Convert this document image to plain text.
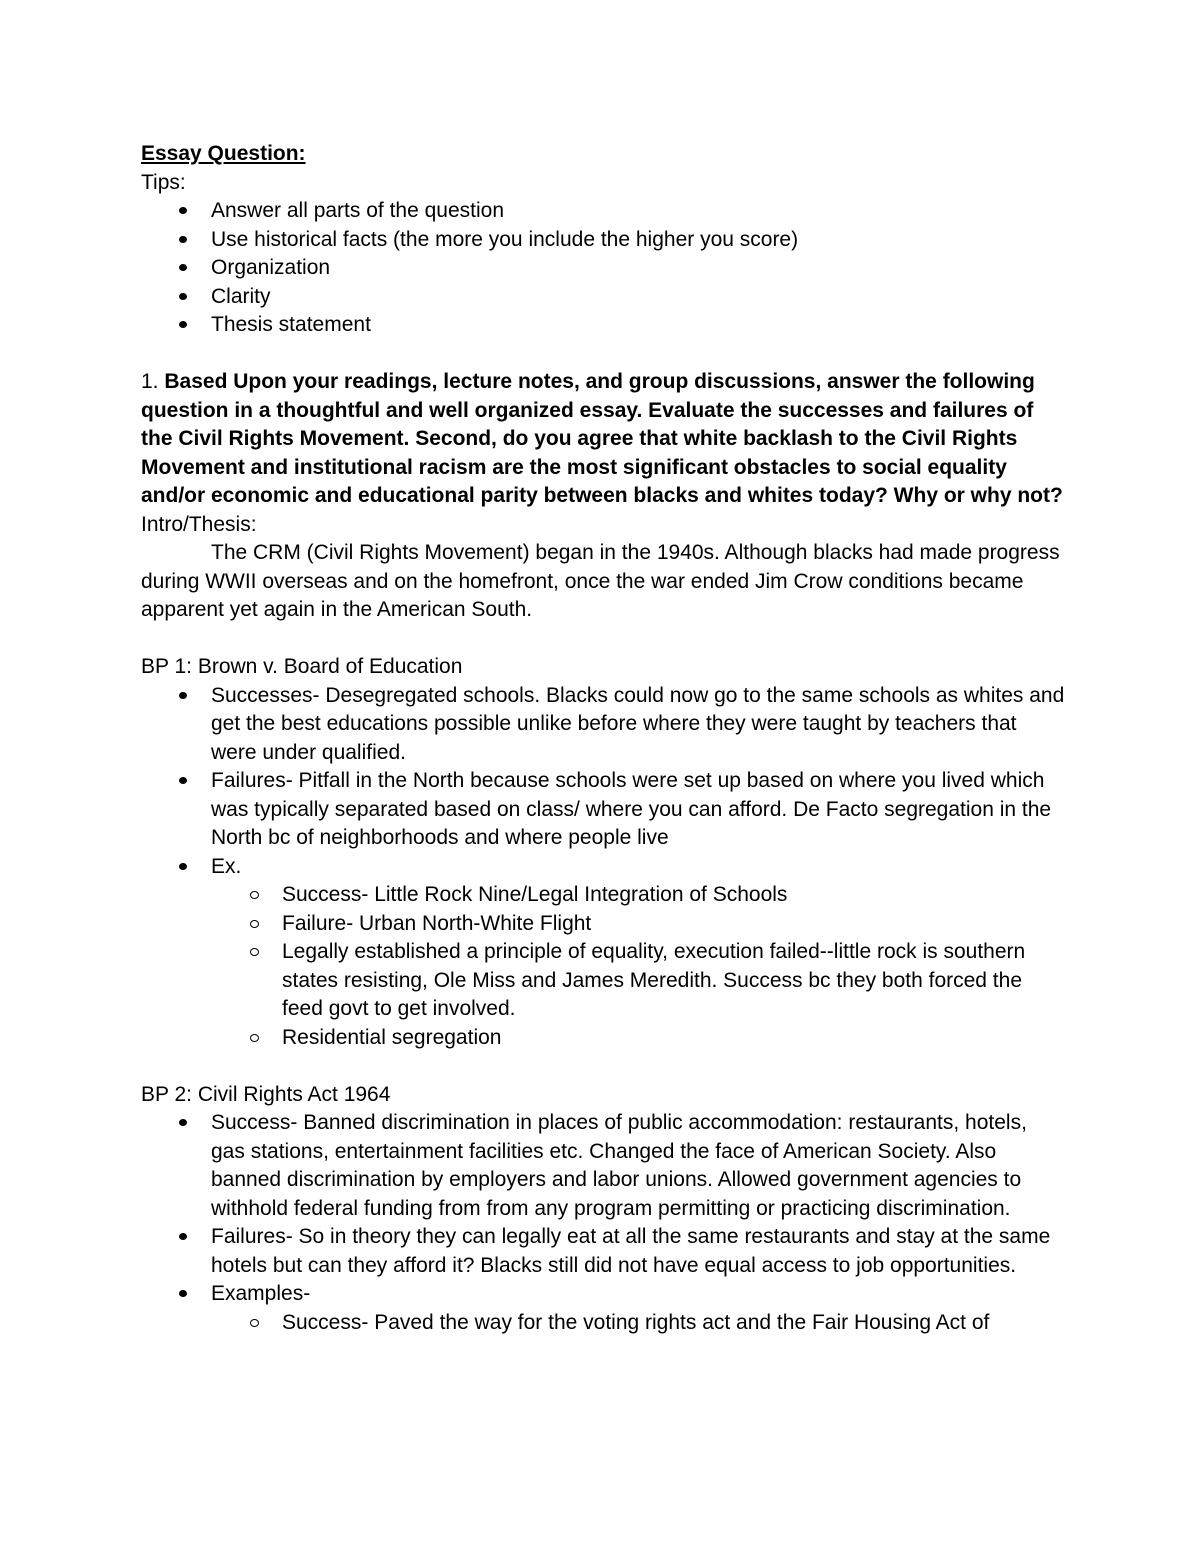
Essay Question:

Tips:

Answer all parts of the question
Use historical facts (the more you include the higher you score)
Organization
Clarity
Thesis statement

1. Based Upon your readings, lecture notes, and group discussions, answer the following question in a thoughtful and well organized essay. Evaluate the successes and failures of the Civil Rights Movement. Second, do you agree that white backlash to the Civil Rights Movement and institutional racism are the most significant obstacles to social equality and/or economic and educational parity between blacks and whites today? Why or why not?

Intro/Thesis:

The CRM (Civil Rights Movement) began in the 1940s. Although blacks had made progress during WWII overseas and on the homefront, once the war ended Jim Crow conditions became apparent yet again in the American South.

BP 1: Brown v. Board of Education

Successes- Desegregated schools. Blacks could now go to the same schools as whites and get the best educations possible unlike before where they were taught by teachers that were under qualified.
Failures- Pitfall in the North because schools were set up based on where you lived which was typically separated based on class/ where you can afford. De Facto segregation in the North bc of neighborhoods and where people live
Ex.
Success- Little Rock Nine/Legal Integration of Schools
Failure- Urban North-White Flight
Legally established a principle of equality, execution failed--little rock is southern states resisting, Ole Miss and James Meredith. Success bc they both forced the feed govt to get involved.
Residential segregation

BP 2: Civil Rights Act 1964

Success- Banned discrimination in places of public accommodation: restaurants, hotels, gas stations, entertainment facilities etc. Changed the face of American Society. Also banned discrimination by employers and labor unions. Allowed government agencies to withhold federal funding from from any program permitting or practicing discrimination.
Failures- So in theory they can legally eat at all the same restaurants and stay at the same hotels but can they afford it? Blacks still did not have equal access to job opportunities.
Examples-
Success- Paved the way for the voting rights act and the Fair Housing Act of
